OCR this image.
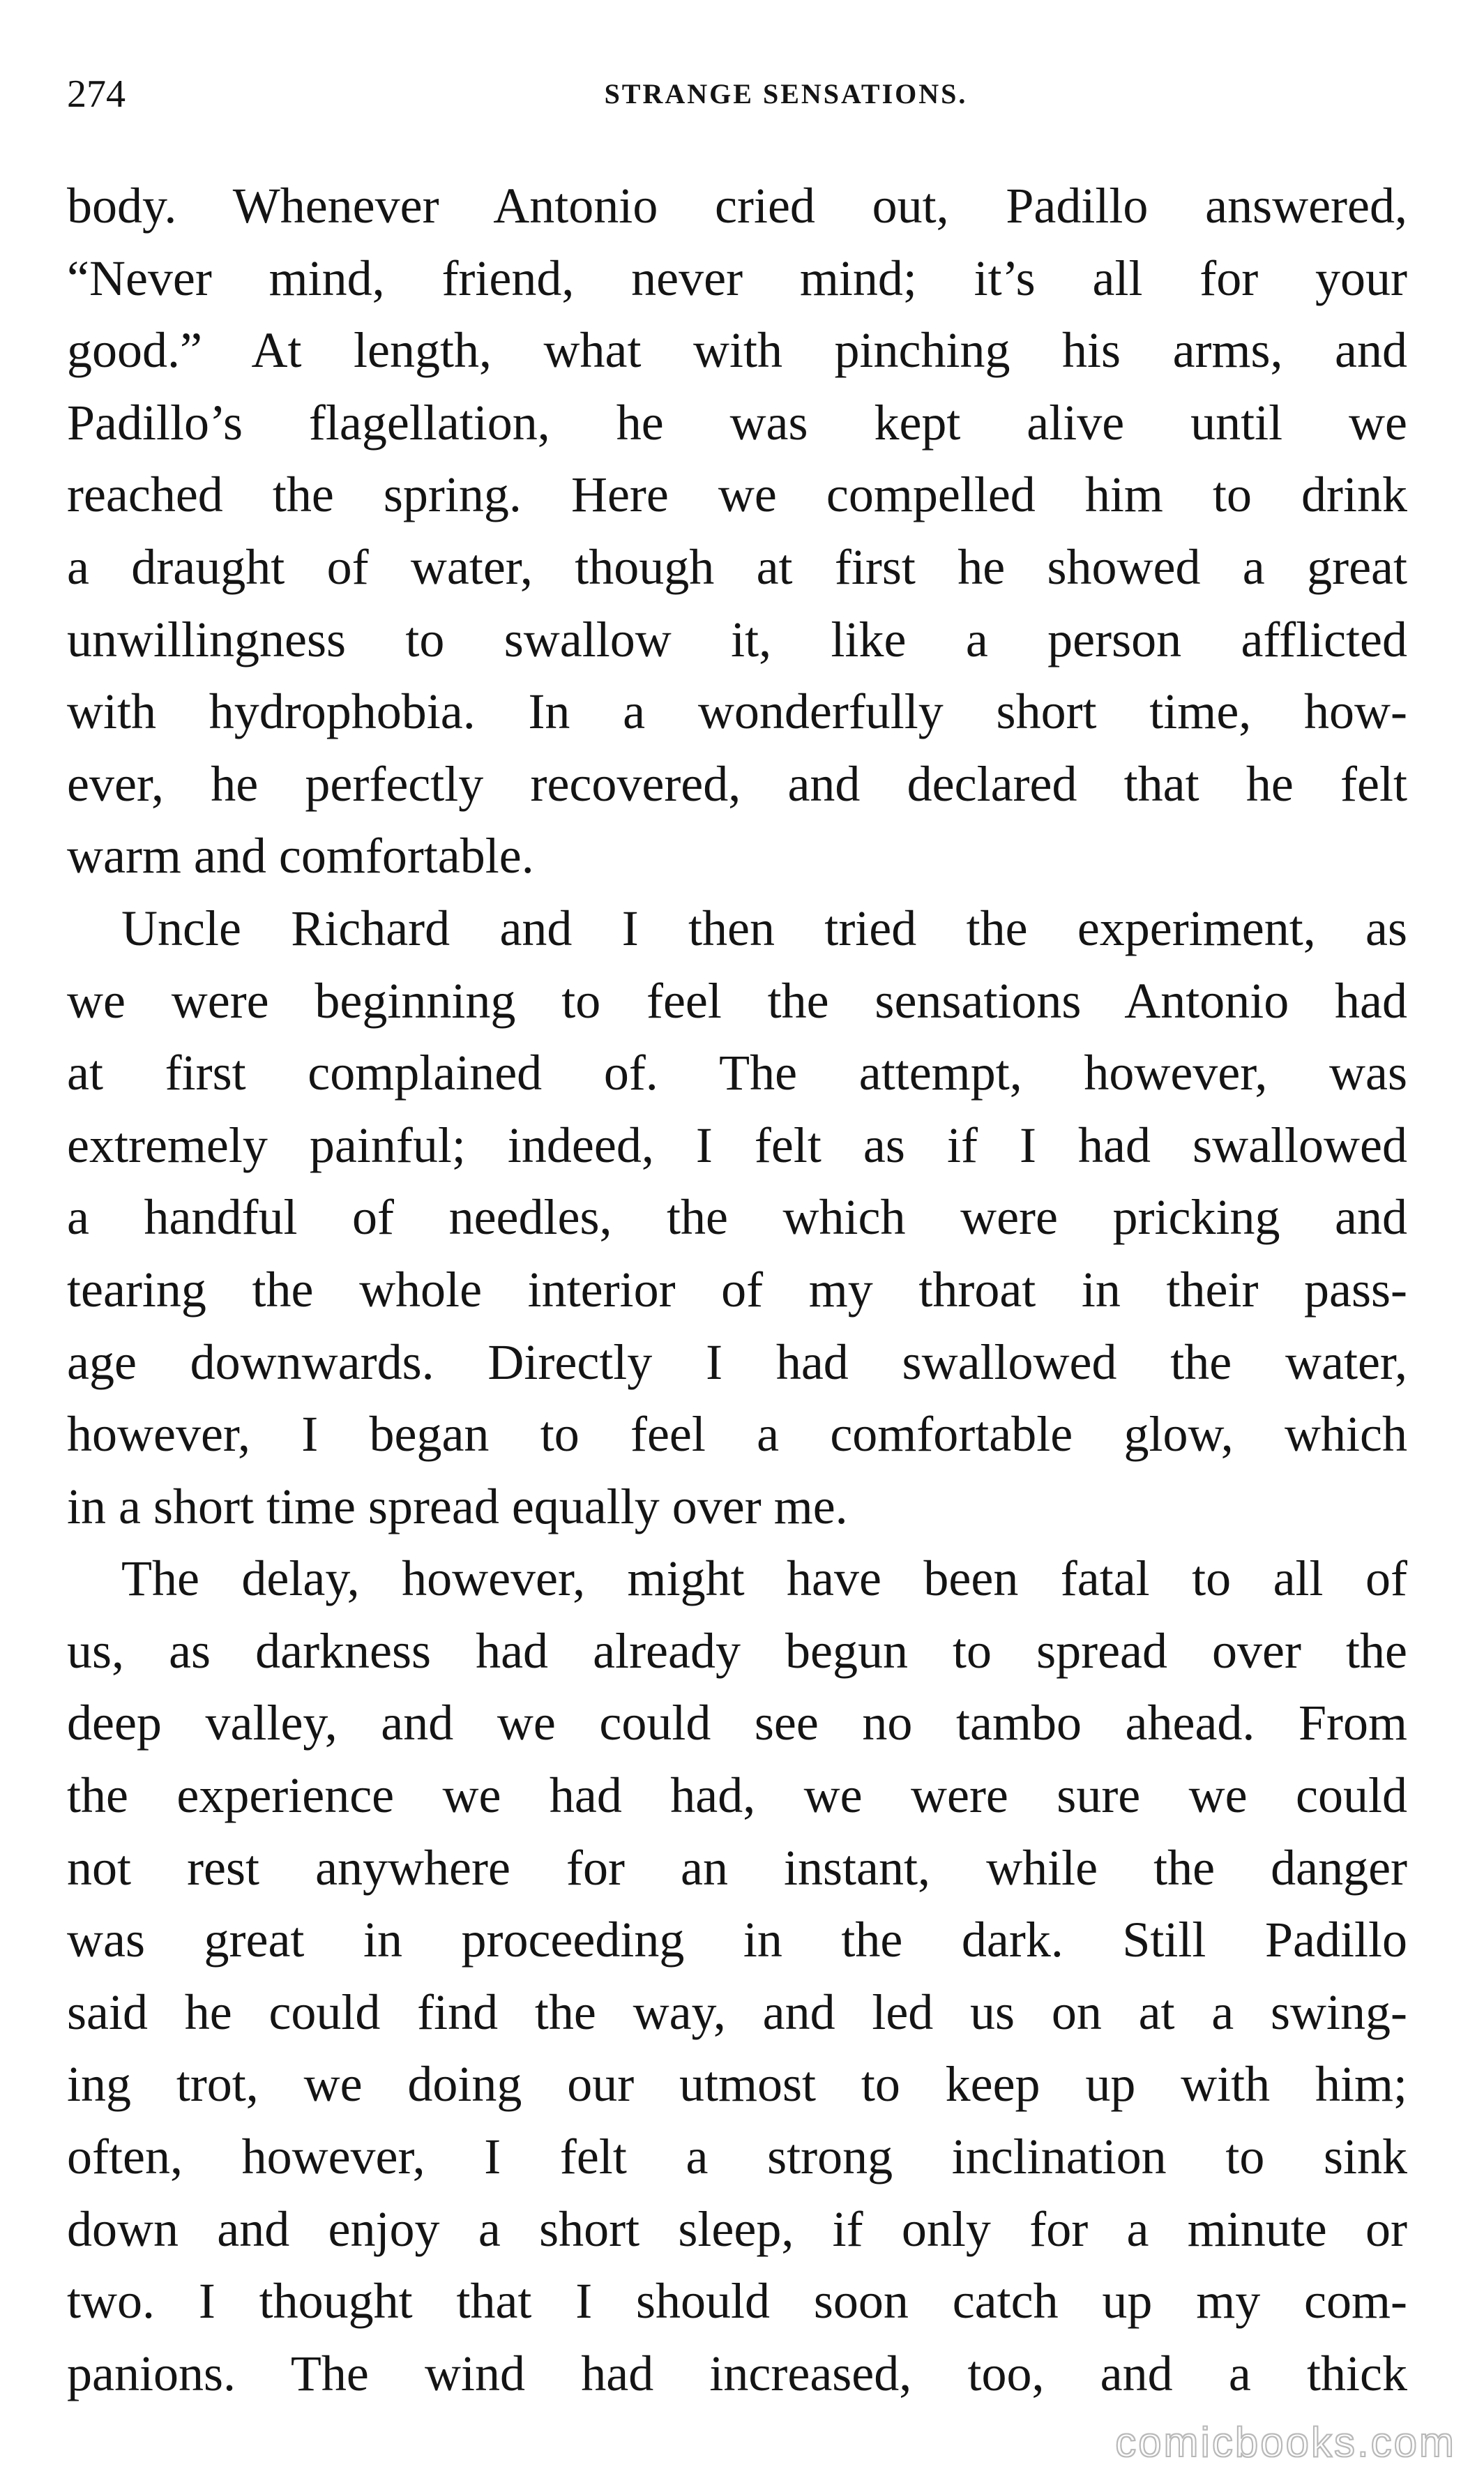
274	STRANGE SENSATIONS.
body. Whenever Antonio cried out, Padillo answered,
“Never mind, friend, never mind; it’s all for your
good.” At length, what with pinching his arms, and
Padillo’s flagellation, he was kept alive until we
reached the spring. Here we compelled him to drink
a draught of water, though at first he showed a great
unwillingness to swallow it, like a person afflicted
with hydrophobia. In a wonderfully short time, how-
ever, he perfectly recovered, and declared that he felt
warm and comfortable.
Uncle Richard and I then tried the experiment, as
we were beginning to feel the sensations Antonio had
at first complained of. The attempt, however, was
extremely painful; indeed, I felt as if I had swallowed
a handful of needles, the which were pricking and
tearing the whole interior of my throat in their pass-
age downwards. Directly I had swallowed the water,
however, I began to feel a comfortable glow, which
in a short time spread equally over me.
The delay, however, might have been fatal to all of
us, as darkness had already begun to spread over the
deep valley, and we could see no tambo ahead. From
the experience we had had, we were sure we could
not rest anywhere for an instant, while the danger
was great in proceeding in the dark. Still Padillo
said he could find the way, and led us on at a swing-
ing trot, we doing our utmost to keep up with him;
often, however, I felt a strong inclination to sink
down and enjoy a short sleep, if only for a minute or
two. I thought that I should soon catch up my com-
panions. The wind had increased, too, and a thick
comicbooks.com
